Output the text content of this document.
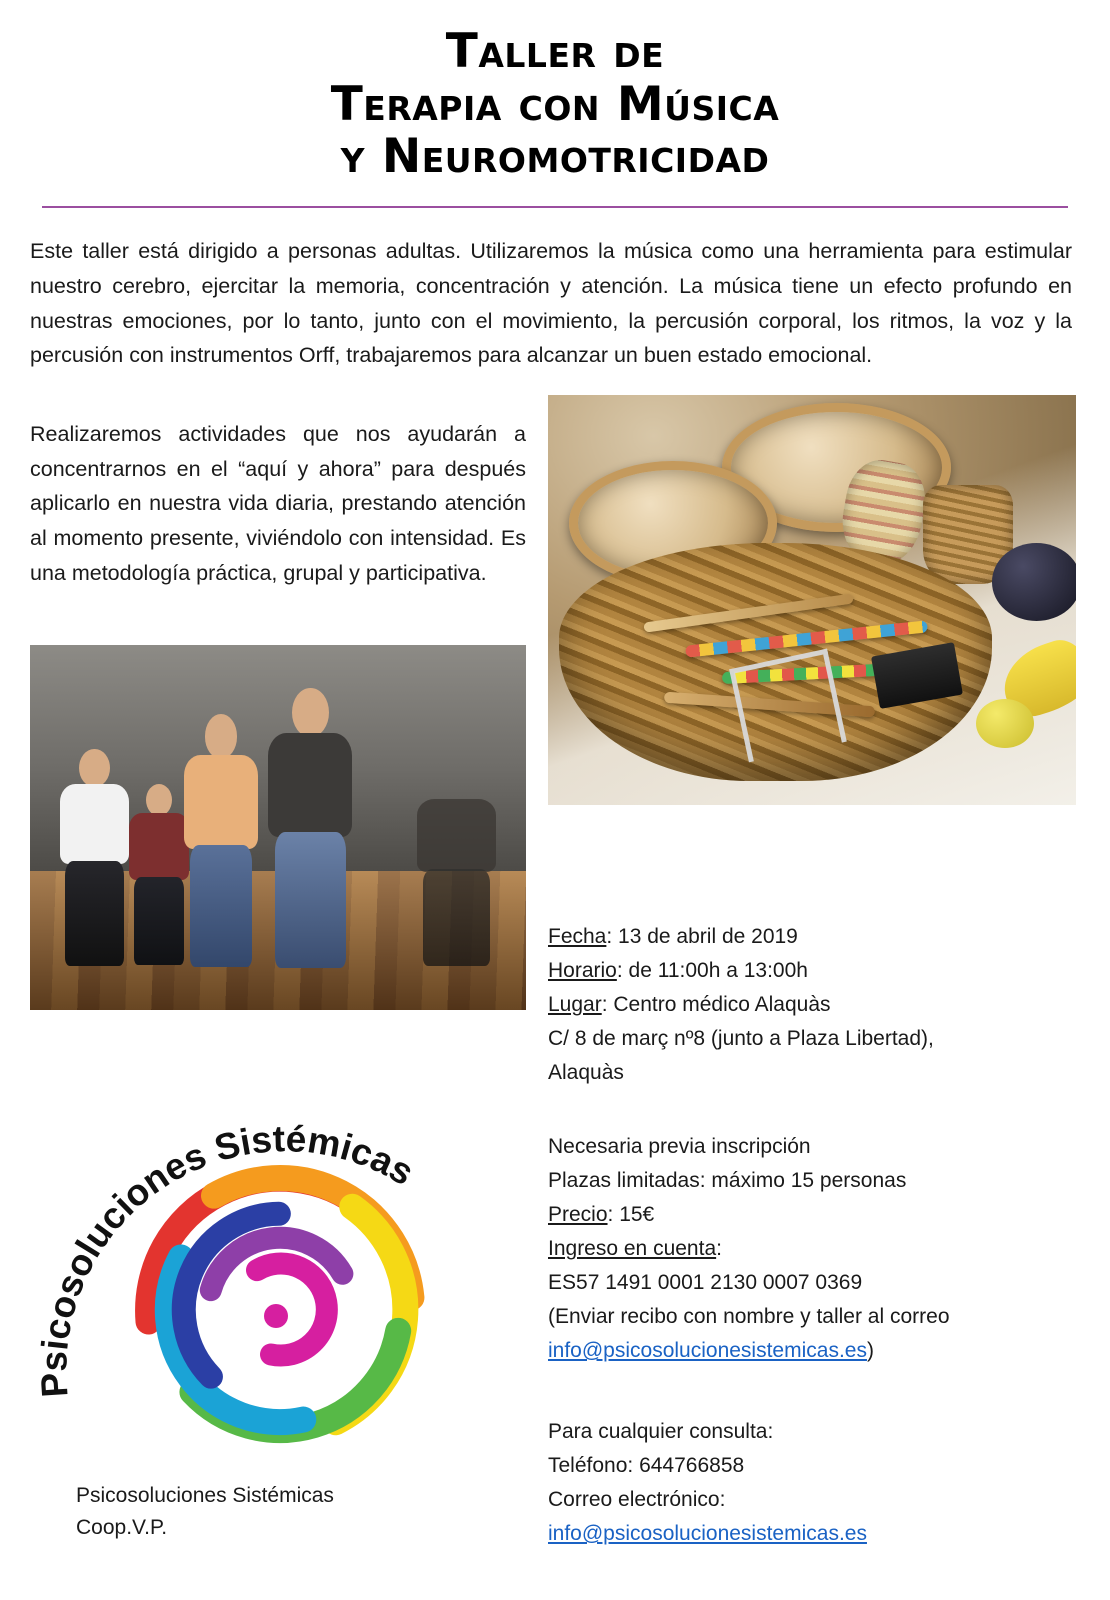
Taller de
Terapia con Música
y Neuromotricidad

Este taller está dirigido a personas adultas. Utilizaremos la música como una herramienta para estimular nuestro cerebro, ejercitar la memoria, concentración y atención. La música tiene un efecto profundo en nuestras emociones, por lo tanto, junto con el movimiento, la percusión corporal, los ritmos, la voz y la percusión con instrumentos Orff, trabajaremos para alcanzar un buen estado emocional.

Realizaremos actividades que nos ayudarán a concentrarnos en el “aquí y ahora” para después aplicarlo en nuestra vida diaria, prestando atención al momento presente, viviéndolo con intensidad. Es una metodología práctica, grupal y participativa.

Fecha: 13 de abril de 2019
Horario: de 11:00h a 13:00h
Lugar: Centro médico Alaquàs
C/ 8 de març nº8 (junto a Plaza Libertad),
Alaquàs
Necesaria previa inscripción
Plazas limitadas: máximo 15 personas
Precio: 15€
Ingreso en cuenta:
ES57 1491 0001 2130 0007 0369
(Enviar recibo con nombre y taller al correo
info@psicosolucionesistemicas.es)
Para cualquier consulta:
Teléfono: 644766858
Correo electrónico:
info@psicosolucionesistemicas.es
Psicosoluciones Sistémicas
Psicosoluciones Sistémicas
Coop.V.P.
